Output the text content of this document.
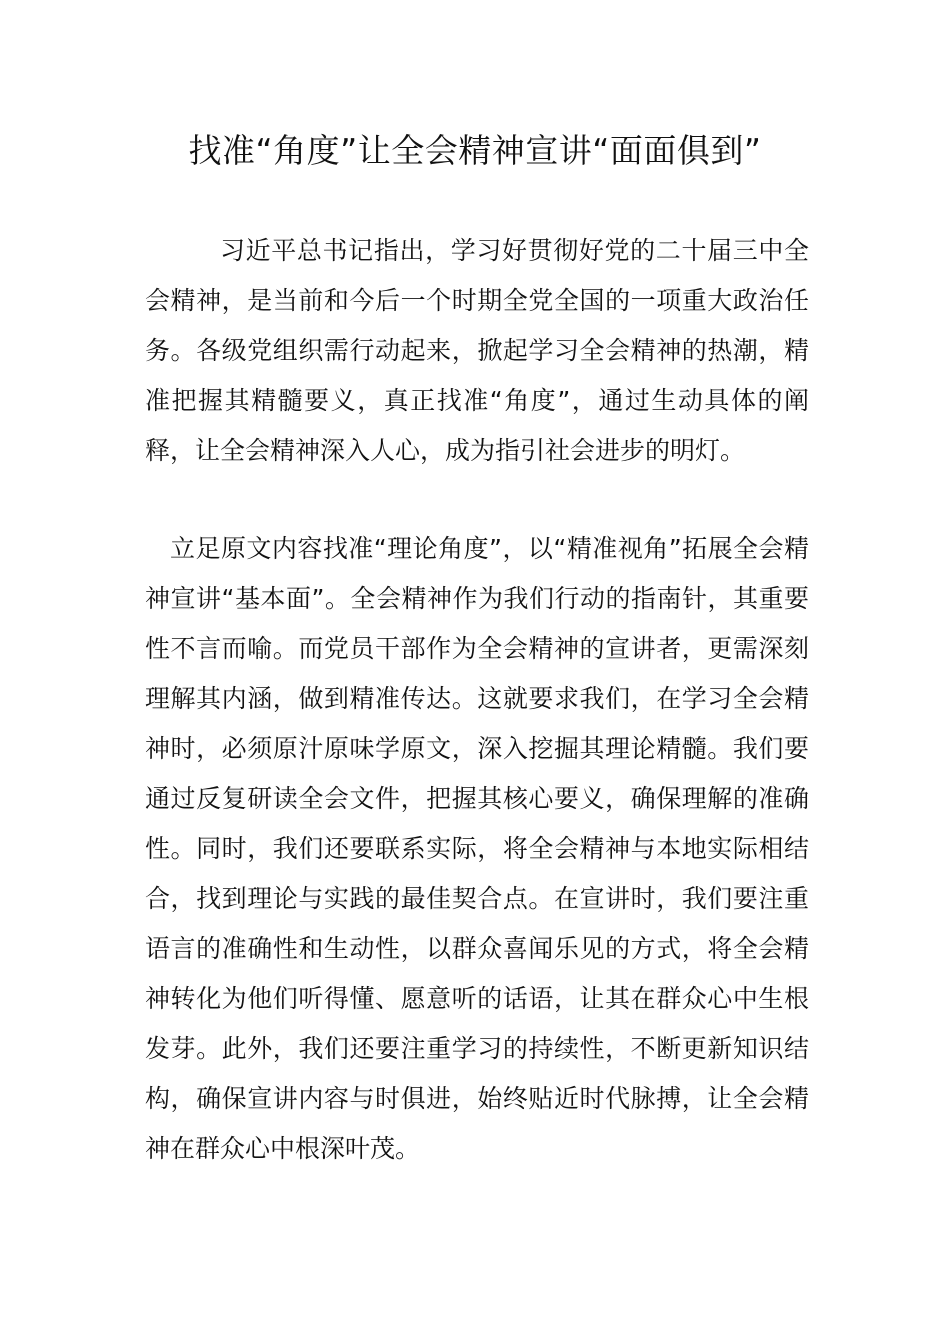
找准“角度”让全会精神宣讲“面面俱到”

习近平总书记指出，学习好贯彻好党的二十届三中全会精神，是当前和今后一个时期全党全国的一项重大政治任务。各级党组织需行动起来，掀起学习全会精神的热潮，精准把握其精髓要义，真正找准“角度”，通过生动具体的阐释，让全会精神深入人心，成为指引社会进步的明灯。

立足原文内容找准“理论角度”，以“精准视角”拓展全会精神宣讲“基本面”。全会精神作为我们行动的指南针，其重要性不言而喻。而党员干部作为全会精神的宣讲者，更需深刻理解其内涵，做到精准传达。这就要求我们，在学习全会精神时，必须原汁原味学原文，深入挖掘其理论精髓。我们要通过反复研读全会文件，把握其核心要义，确保理解的准确性。同时，我们还要联系实际，将全会精神与本地实际相结合，找到理论与实践的最佳契合点。在宣讲时，我们要注重语言的准确性和生动性，以群众喜闻乐见的方式，将全会精神转化为他们听得懂、愿意听的话语，让其在群众心中生根发芽。此外，我们还要注重学习的持续性，不断更新知识结构，确保宣讲内容与时俱进，始终贴近时代脉搏，让全会精神在群众心中根深叶茂。
